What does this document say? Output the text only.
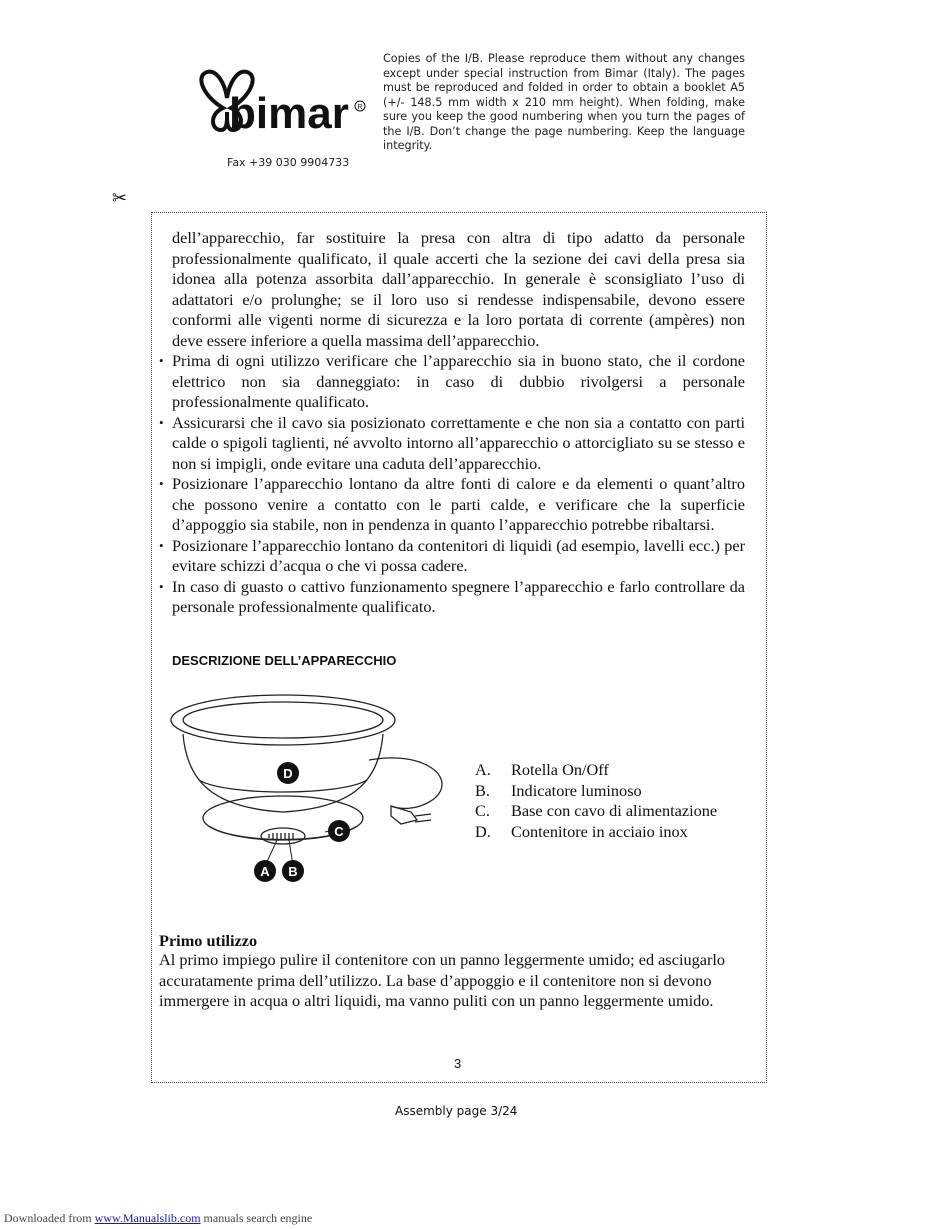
bimar R
Fax +39 030 9904733
Copies of the I/B. Please reproduce them without any changes except under special instruction from Bimar (Italy). The pages must be reproduced and folded in order to obtain a booklet A5 (+/- 148.5 mm width x 210 mm height). When folding, make sure you keep the good numbering when you turn the pages of the I/B. Don’t change the page numbering. Keep the language integrity.
✂

dell’apparecchio, far sostituire la presa con altra di tipo adatto da personale professionalmente qualificato, il quale accerti che la sezione dei cavi della presa sia idonea alla potenza assorbita dall’apparecchio. In generale è sconsigliato l’uso di adattatori e/o prolunghe; se il loro uso si rendesse indispensabile, devono essere conformi alle vigenti norme di sicurezza e la loro portata di corrente (ampères) non deve essere inferiore a quella massima dell’apparecchio.

• Prima di ogni utilizzo verificare che l’apparecchio sia in buono stato, che il cordone elettrico non sia danneggiato: in caso di dubbio rivolgersi a personale professionalmente qualificato.
• Assicurarsi che il cavo sia posizionato correttamente e che non sia a contatto con parti calde o spigoli taglienti, né avvolto intorno all’apparecchio o attorcigliato su se stesso e non si impigli, onde evitare una caduta dell’apparecchio.
• Posizionare l’apparecchio lontano da altre fonti di calore e da elementi o quant’altro che possono venire a contatto con le parti calde, e verificare che la superficie d’appoggio sia stabile, non in pendenza in quanto l’apparecchio potrebbe ribaltarsi.
• Posizionare l’apparecchio lontano da contenitori di liquidi (ad esempio, lavelli ecc.) per evitare schizzi d’acqua o che vi possa cadere.
• In caso di guasto o cattivo funzionamento spegnere l’apparecchio e farlo controllare da personale professionalmente qualificato.
DESCRIZIONE DELL’APPARECCHIO
D
C
A B
A.	Rotella On/Off
B.	Indicatore luminoso
C.	Base con cavo di alimentazione
D.	Contenitore in acciaio inox
Primo utilizzo
Al primo impiego pulire il contenitore con un panno leggermente umido; ed asciugarlo accuratamente prima dell’utilizzo. La base d’appoggio e il contenitore non si devono immergere in acqua o altri liquidi, ma vanno puliti con un panno leggermente umido.
3
Assembly page 3/24
Downloaded from www.Manualslib.com manuals search engine
